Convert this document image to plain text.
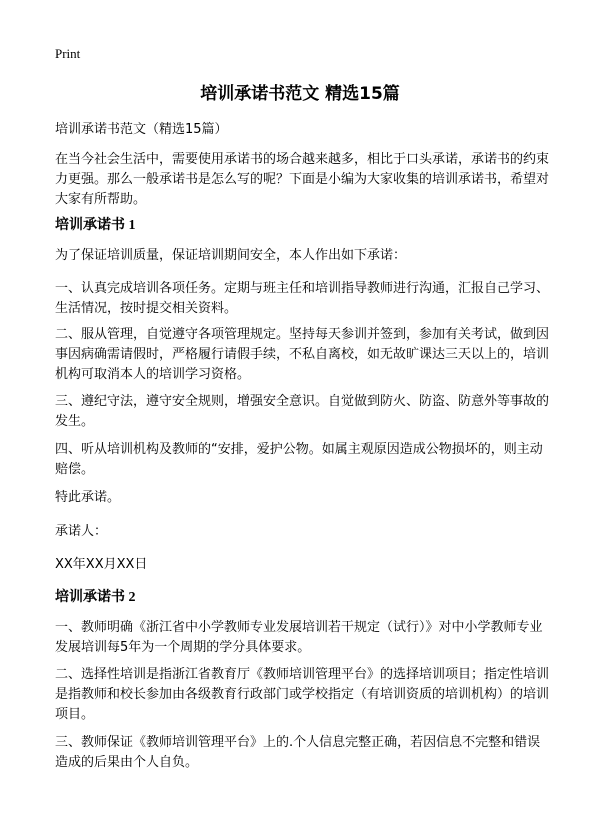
Print
培训承诺书范文 精选15篇
培训承诺书范文（精选15篇）
在当今社会生活中，需要使用承诺书的场合越来越多，相比于口头承诺，承诺书的约束力更强。那么一般承诺书是怎么写的呢？下面是小编为大家收集的培训承诺书，希望对大家有所帮助。
培训承诺书 1
为了保证培训质量，保证培训期间安全，本人作出如下承诺：
一、认真完成培训各项任务。定期与班主任和培训指导教师进行沟通，汇报自己学习、生活情况，按时提交相关资料。
二、服从管理，自觉遵守各项管理规定。坚持每天参训并签到，参加有关考试，做到因事因病确需请假时，严格履行请假手续，不私自离校，如无故旷课达三天以上的，培训机构可取消本人的培训学习资格。
三、遵纪守法，遵守安全规则，增强安全意识。自觉做到防火、防盗、防意外等事故的发生。
四、听从培训机构及教师的“安排，爱护公物。如属主观原因造成公物损坏的，则主动赔偿。
特此承诺。
承诺人：
XX年XX月XX日
培训承诺书 2
一、教师明确《浙江省中小学教师专业发展培训若干规定（试行）》对中小学教师专业发展培训每5年为一个周期的学分具体要求。
二、选择性培训是指浙江省教育厅《教师培训管理平台》的选择培训项目；指定性培训是指教师和校长参加由各级教育行政部门或学校指定（有培训资质的培训机构）的培训项目。
三、教师保证《教师培训管理平台》上的.个人信息完整正确，若因信息不完整和错误造成的后果由个人自负。
